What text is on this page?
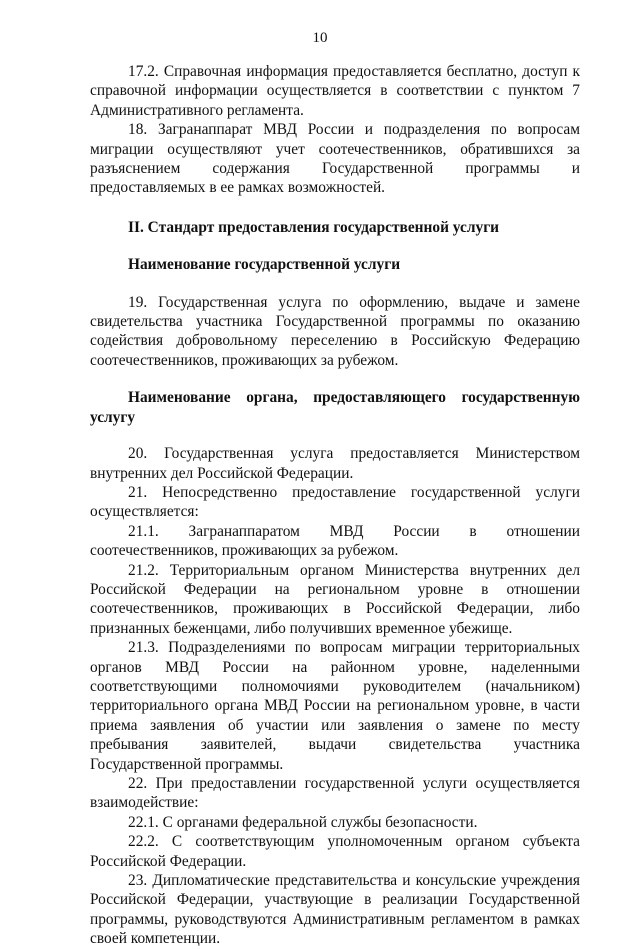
10

17.2. Справочная информация предоставляется бесплатно, доступ к справочной информации осуществляется в соответствии с пунктом 7 Административного регламента.

18. Загранаппарат МВД России и подразделения по вопросам миграции осуществляют учет соотечественников, обратившихся за разъяснением содержания Государственной программы и предоставляемых в ее рамках возможностей.

II. Стандарт предоставления государственной услуги

Наименование государственной услуги

19. Государственная услуга по оформлению, выдаче и замене свидетельства участника Государственной программы по оказанию содействия добровольному переселению в Российскую Федерацию соотечественников, проживающих за рубежом.

Наименование органа, предоставляющего государственную услугу

20. Государственная услуга предоставляется Министерством внутренних дел Российской Федерации.

21. Непосредственно предоставление государственной услуги осуществляется:

21.1. Загранаппаратом МВД России в отношении соотечественников, проживающих за рубежом.

21.2. Территориальным органом Министерства внутренних дел Российской Федерации на региональном уровне в отношении соотечественников, проживающих в Российской Федерации, либо признанных беженцами, либо получивших временное убежище.

21.3. Подразделениями по вопросам миграции территориальных органов МВД России на районном уровне, наделенными соответствующими полномочиями руководителем (начальником) территориального органа МВД России на региональном уровне, в части приема заявления об участии или заявления о замене по месту пребывания заявителей, выдачи свидетельства участника Государственной программы.

22. При предоставлении государственной услуги осуществляется взаимодействие:

22.1. С органами федеральной службы безопасности.

22.2. С соответствующим уполномоченным органом субъекта Российской Федерации.

23. Дипломатические представительства и консульские учреждения Российской Федерации, участвующие в реализации Государственной программы, руководствуются Административным регламентом в рамках своей компетенции.
